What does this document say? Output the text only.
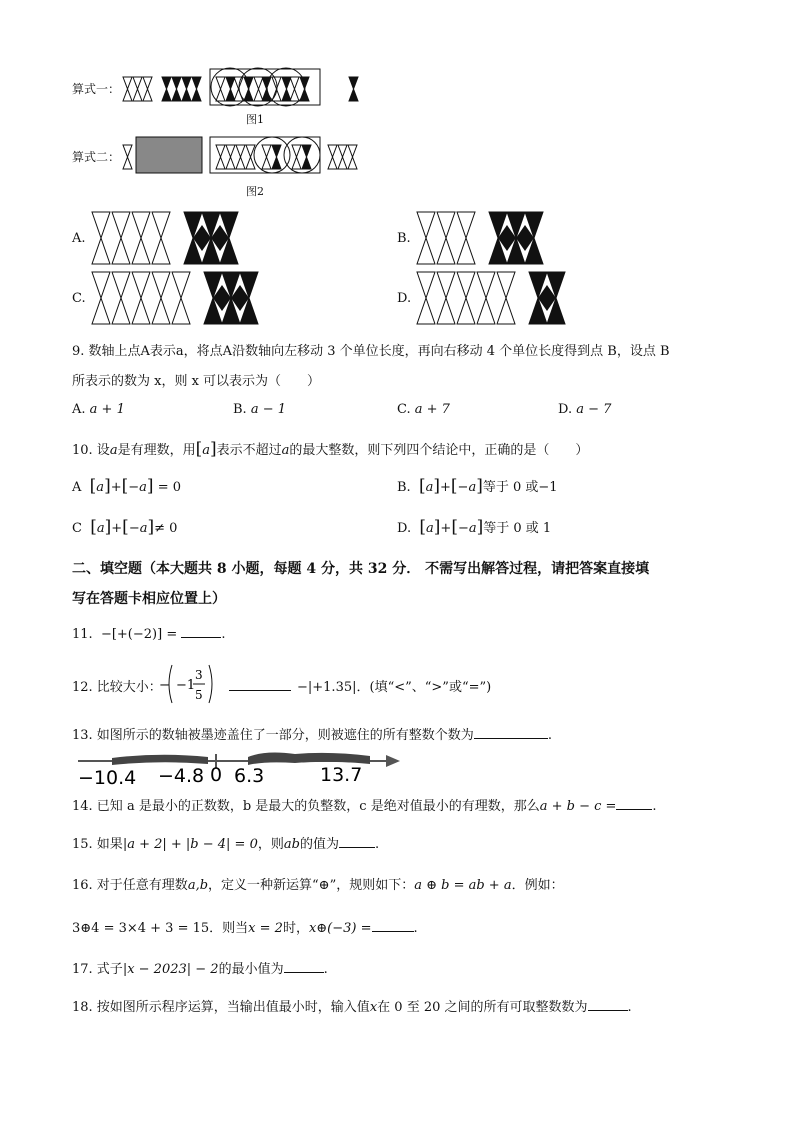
算式一：
图1
算式二：
图2
A.	B.
C.	D.
9. 数轴上点A表示a，将点A沿数轴向左移动 3 个单位长度，再向右移动 4 个单位长度得到点 B，设点 B
所表示的数为 x，则 x 可以表示为（　　）
A. a + 1	B. a − 1	C. a + 7	D. a − 7
10. 设a是有理数，用[a]表示不超过a的最大整数，则下列四个结论中，正确的是（　　）
A [a]+[−a] = 0	B. [a]+[−a]等于 0 或−1
C [a]+[−a]≠ 0	D. [a]+[−a]等于 0 或 1
二、填空题（本大题共 8 小题，每题 4 分，共 32 分． 不需写出解答过程，请把答案直接填
写在答题卡相应位置上）
11. −[+(−2)] =	.
12. 比较大小：
− −1
3
5	−|+1.35|．(填“<”、“>”或“=”)
13. 如图所示的数轴被墨迹盖住了一部分，则被遮住的所有整数个数为	.
−10.4 −4.8 0 6.3	13.7
14. 已知 a 是最小的正数数，b 是最大的负整数，c 是绝对值最小的有理数，那么a + b − c =	.
15. 如果|a + 2| + |b − 4| = 0，则ab的值为	.
16. 对于任意有理数a,b，定义一种新运算“⊕”，规则如下：a ⊕ b = ab + a．例如：
3⊕4 = 3×4 + 3 = 15．则当x = 2时，x⊕(−3) =	.
17. 式子|x − 2023| − 2的最小值为	.
18. 按如图所示程序运算，当输出值最小时，输入值x在 0 至 20 之间的所有可取整数数为	.
